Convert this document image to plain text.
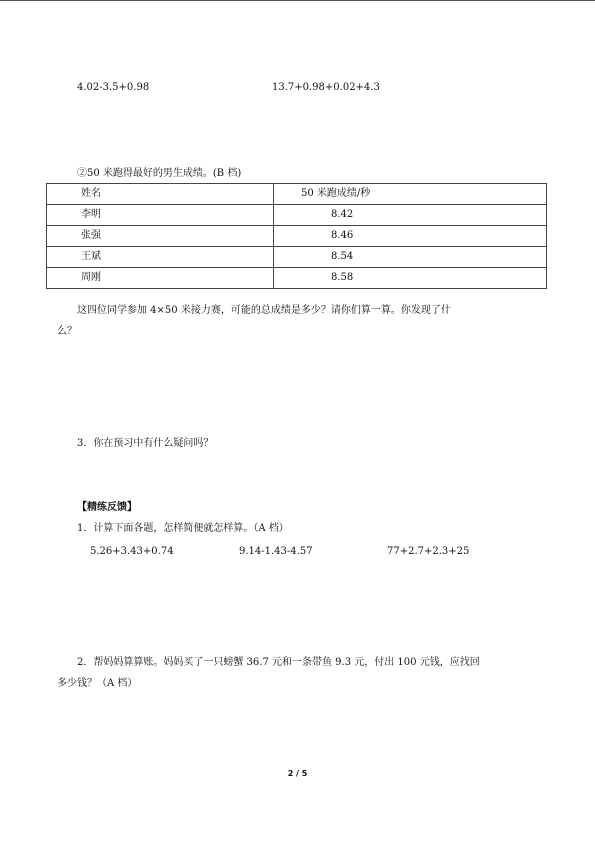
4.02-3.5+0.98	13.7+0.98+0.02+4.3
②50 米跑得最好的男生成绩。(B 档)
姓名	50 米跑成绩/秒
李明	8.42
张强	8.46
王斌	8.54
周刚	8.58
这四位同学参加 4×50 米接力赛，可能的总成绩是多少？请你们算一算。你发现了什
么？
3．你在预习中有什么疑问吗？
【精练反馈】
1．计算下面各题，怎样简便就怎样算。（A 档）
5.26+3.43+0.74	9.14-1.43-4.57	77+2.7+2.3+25
2．帮妈妈算算账。妈妈买了一只螃蟹 36.7 元和一条带鱼 9.3 元，付出 100 元钱，应找回
多少钱？（A 档）
2 / 5
